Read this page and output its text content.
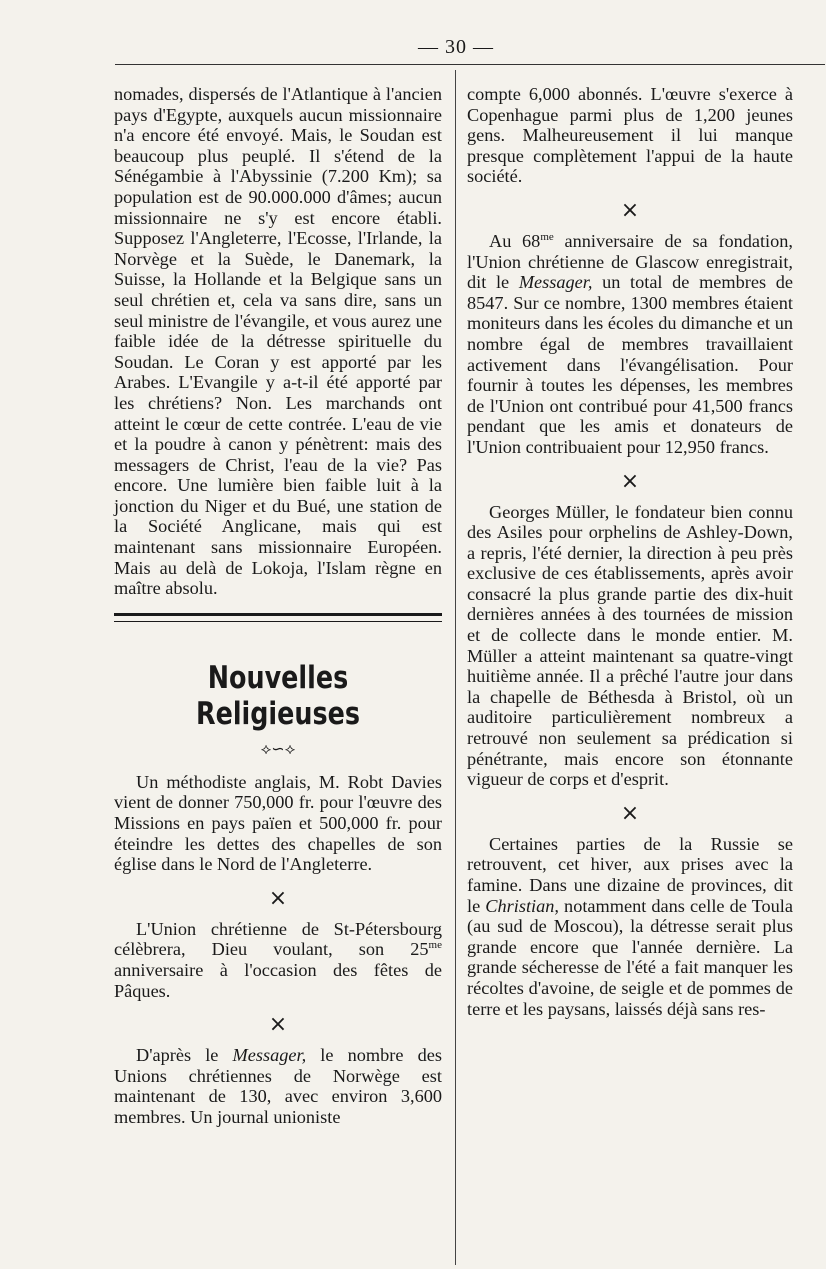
— 30 —

nomades, dispersés de l'Atlantique à l'ancien pays d'Egypte, auxquels aucun missionnaire n'a encore été envoyé. Mais, le Soudan est beaucoup plus peuplé. Il s'étend de la Sénégambie à l'Abyssinie (7.200 Km); sa population est de 90.000.000 d'âmes; aucun missionnaire ne s'y est encore établi. Supposez l'Angleterre, l'Ecosse, l'Irlande, la Norvège et la Suède, le Danemark, la Suisse, la Hollande et la Belgique sans un seul chrétien et, cela va sans dire, sans un seul ministre de l'évangile, et vous aurez une faible idée de la détresse spirituelle du Soudan. Le Coran y est apporté par les Arabes. L'Evangile y a-t-il été apporté par les chrétiens? Non. Les marchands ont atteint le cœur de cette contrée. L'eau de vie et la poudre à canon y pénètrent: mais des messagers de Christ, l'eau de la vie? Pas encore. Une lumière bien faible luit à la jonction du Niger et du Bué, une station de la Société Anglicane, mais qui est maintenant sans missionnaire Européen. Mais au delà de Lokoja, l'Islam règne en maître absolu.

Nouvelles Religieuses
⟡∽⟡

Un méthodiste anglais, M. Robt Davies vient de donner 750,000 fr. pour l'œuvre des Missions en pays païen et 500,000 fr. pour éteindre les dettes des chapelles de son église dans le Nord de l'Angleterre.

×

L'Union chrétienne de St-Pétersbourg célèbrera, Dieu voulant, son $25^{me}$ anniversaire à l'occasion des fêtes de Pâques.

×

D'après le Messager, le nombre des Unions chrétiennes de Norwège est maintenant de 130, avec environ 3,600 membres. Un journal unioniste

compte 6,000 abonnés. L'œuvre s'exerce à Copenhague parmi plus de 1,200 jeunes gens. Malheureusement il lui manque presque complètement l'appui de la haute société.

×

Au $68^{me}$ anniversaire de sa fondation, l'Union chrétienne de Glascow enregistrait, dit le Messager, un total de membres de 8547. Sur ce nombre, 1300 membres étaient moniteurs dans les écoles du dimanche et un nombre égal de membres travaillaient activement dans l'évangélisation. Pour fournir à toutes les dépenses, les membres de l'Union ont contribué pour 41,500 francs pendant que les amis et donateurs de l'Union contribuaient pour 12,950 francs.

×

Georges Müller, le fondateur bien connu des Asiles pour orphelins de Ashley-Down, a repris, l'été dernier, la direction à peu près exclusive de ces établissements, après avoir consacré la plus grande partie des dix-huit dernières années à des tournées de mission et de collecte dans le monde entier. M. Müller a atteint maintenant sa quatre-vingt huitième année. Il a prêché l'autre jour dans la chapelle de Béthesda à Bristol, où un auditoire particulièrement nombreux a retrouvé non seulement sa prédication si pénétrante, mais encore son étonnante vigueur de corps et d'esprit.

×

Certaines parties de la Russie se retrouvent, cet hiver, aux prises avec la famine. Dans une dizaine de provinces, dit le Christian, notamment dans celle de Toula (au sud de Moscou), la détresse serait plus grande encore que l'année dernière. La grande sécheresse de l'été a fait manquer les récoltes d'avoine, de seigle et de pommes de terre et les paysans, laissés déjà sans res-
